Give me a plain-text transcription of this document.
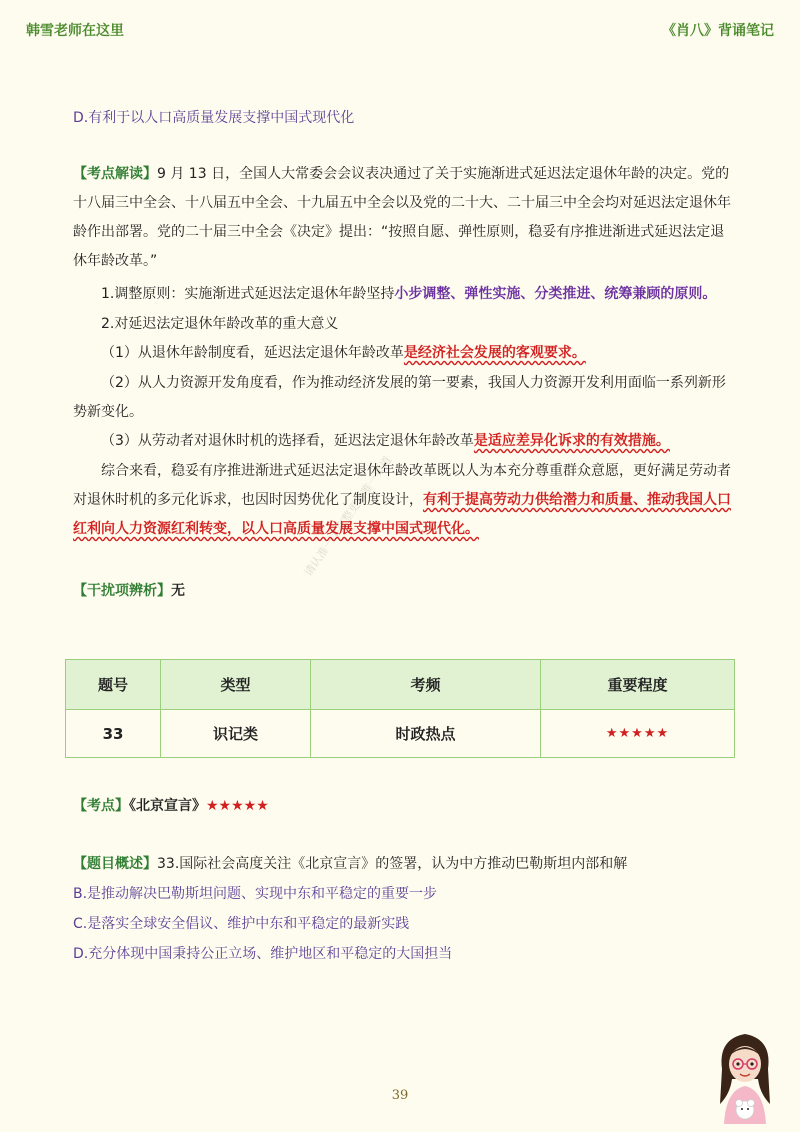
韩雪老师在这里	《肖八》背诵笔记
D.有利于以人口高质量发展支撑中国式现代化
【考点解读】9 月 13 日，全国人大常委会会议表决通过了关于实施渐进式延迟法定退休年龄的决定。党的十八届三中全会、十八届五中全会、十九届五中全会以及党的二十大、二十届三中全会均对延迟法定退休年龄作出部署。党的二十届三中全会《决定》提出：“按照自愿、弹性原则，稳妥有序推进渐进式延迟法定退休年龄改革。”
1.调整原则：实施渐进式延迟法定退休年龄坚持小步调整、弹性实施、分类推进、统筹兼顾的原则。
2.对延迟法定退休年龄改革的重大意义
（1）从退休年龄制度看，延迟法定退休年龄改革是经济社会发展的客观要求。
（2）从人力资源开发角度看，作为推动经济发展的第一要素，我国人力资源开发利用面临一系列新形势新变化。
（3）从劳动者对退休时机的选择看，延迟法定退休年龄改革是适应差异化诉求的有效措施。
综合来看，稳妥有序推进渐进式延迟法定退休年龄改革既以人为本充分尊重群众意愿，更好满足劳动者对退休时机的多元化诉求，也因时因势优化了制度设计，有利于提高劳动力供给潜力和质量、推动我国人口红利向人力资源红利转变，以人口高质量发展支撑中国式现代化。
【干扰项辨析】无
题号	类型	考频	重要程度
33	识记类	时政热点	★★★★★
【考点】《北京宣言》★★★★★
【题目概述】33.国际社会高度关注《北京宣言》的签署，认为中方推动巴勒斯坦内部和解
B.是推动解决巴勒斯坦问题、实现中东和平稳定的重要一步
C.是落实全球安全倡议、维护中东和平稳定的最新实践
D.充分体现中国秉持公正立场、维护地区和平稳定的大国担当
请认准一手完整更新唯一渠道
39
